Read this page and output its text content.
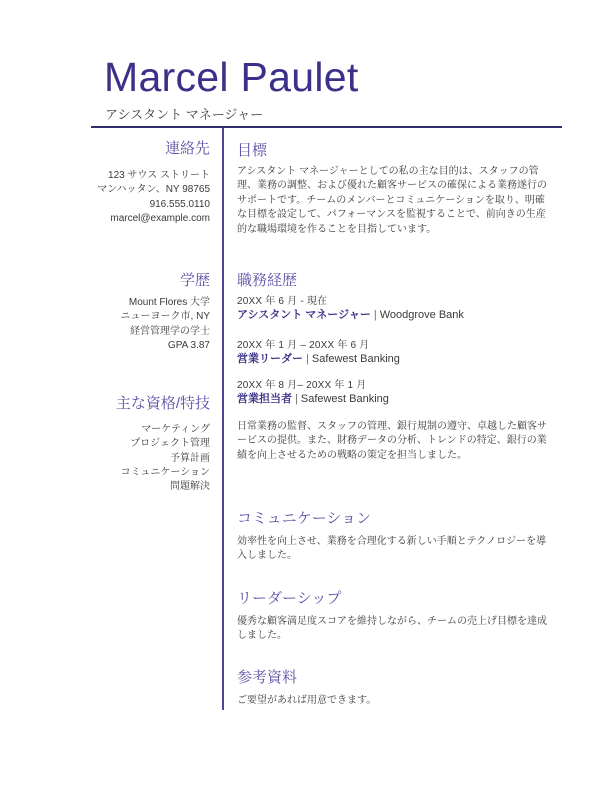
Marcel Paulet
アシスタント マネージャー
連絡先
123 サウス ストリート
マンハッタン、NY 98765
916.555.0110
marcel@example.com
学歴
Mount Flores 大学
ニューヨーク市, NY
経営管理学の学士
GPA 3.87
主な資格/特技
マーケティング
プロジェクト管理
予算計画
コミュニケーション
問題解決
目標

アシスタント マネージャーとしての私の主な目的は、スタッフの管理、業務の調整、および優れた顧客サービスの確保による業務遂行のサポートです。チームのメンバーとコミュニケーションを取り、明確な目標を設定して、パフォーマンスを監視することで、前向きの生産的な職場環境を作ることを目指しています。

職務経歴
20XX 年 6 月 - 現在
アシスタント マネージャー | Woodgrove Bank
20XX 年 1 月 – 20XX 年 6 月
営業リーダー | Safewest Banking
20XX 年 8 月– 20XX 年 1 月
営業担当者 | Safewest Banking

日常業務の監督、スタッフの管理、銀行規制の遵守、卓越した顧客サービスの提供。また、財務データの分析、トレンドの特定、銀行の業績を向上させるための戦略の策定を担当しました。

コミュニケーション

効率性を向上させ、業務を合理化する新しい手順とテクノロジーを導入しました。

リーダーシップ

優秀な顧客満足度スコアを維持しながら、チームの売上げ目標を達成しました。

参考資料

ご要望があれば用意できます。
